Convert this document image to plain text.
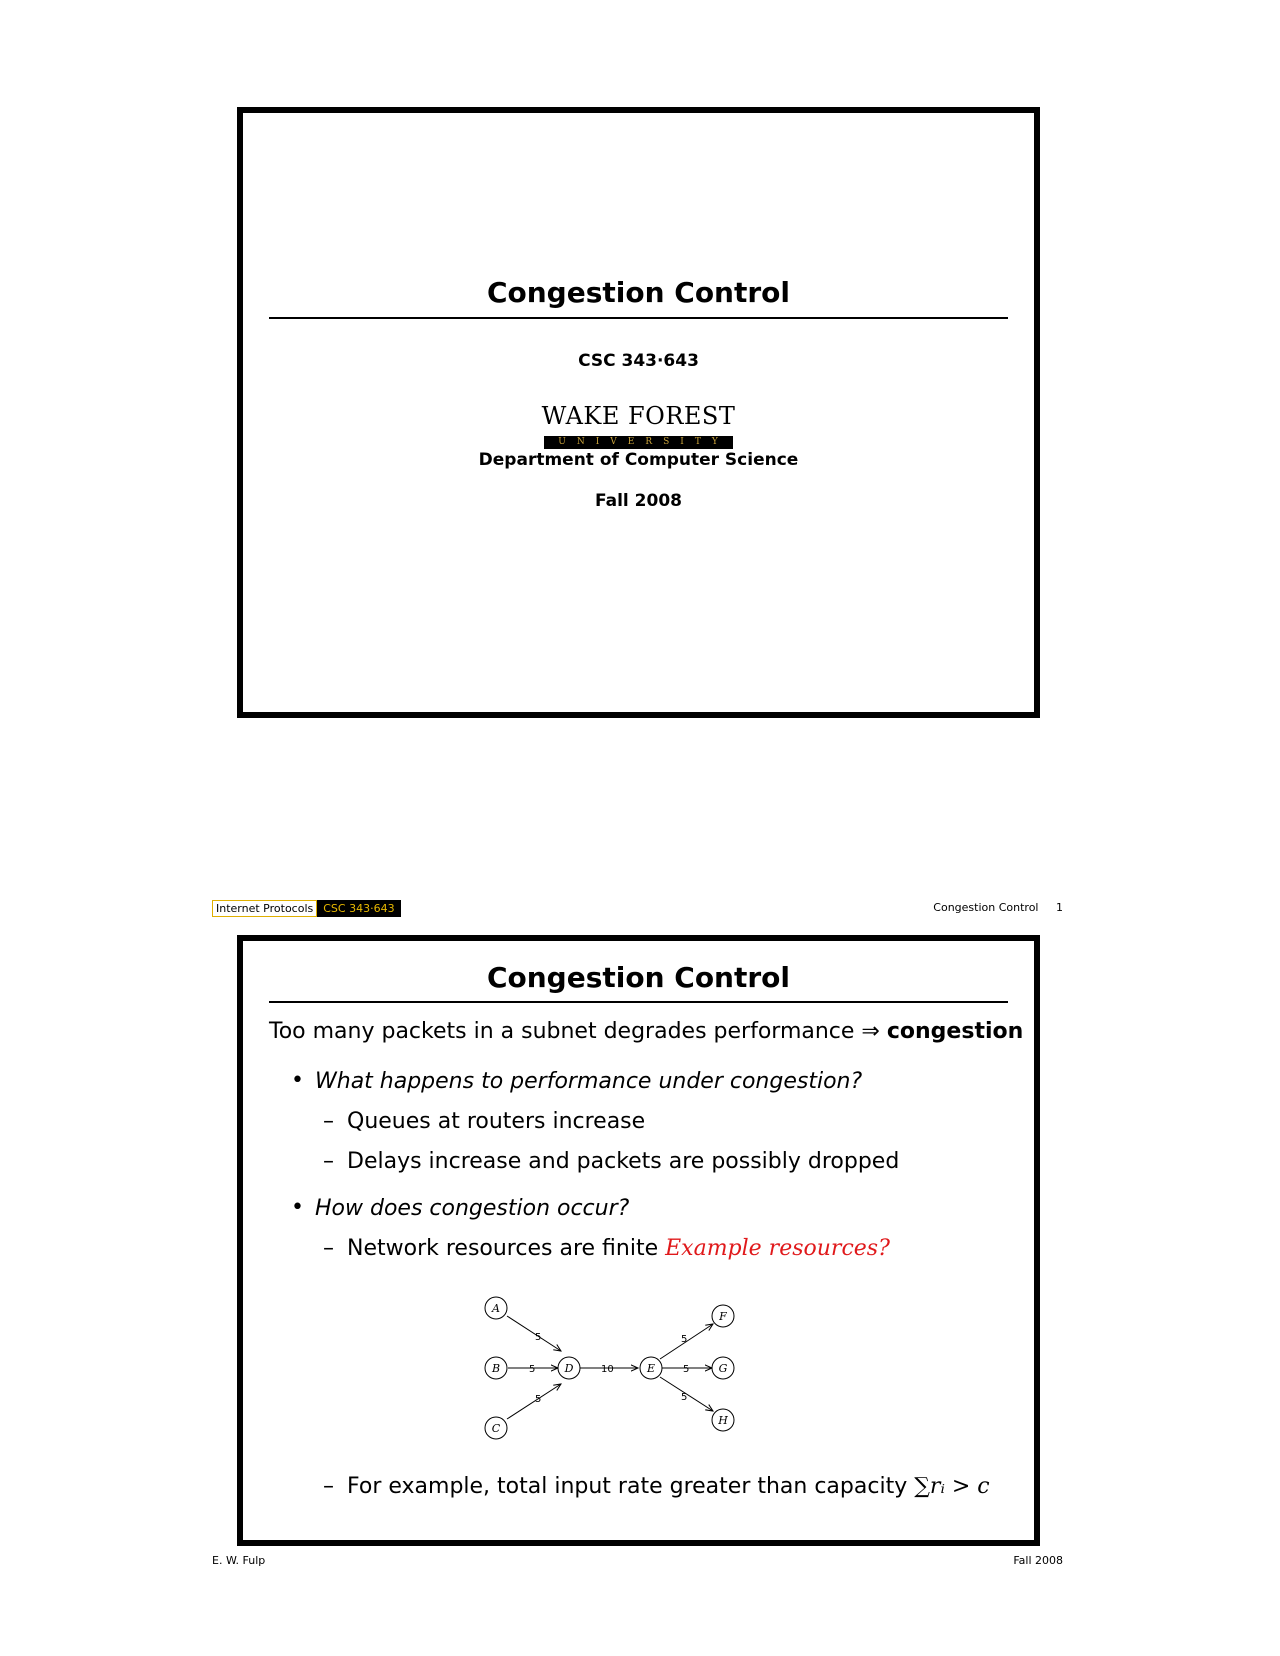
Congestion Control
CSC 343·643
WAKE FOREST
UNIVERSITY
Department of Computer Science
Fall 2008
Internet Protocols CSC 343·643	Congestion Control 1
Congestion Control
Too many packets in a subnet degrades performance ⇒ congestion
• What happens to performance under congestion?
– Queues at routers increase
– Delays increase and packets are possibly dropped
• How does congestion occur?
– Network resources are finite Example resources?
5
5
5
10
5
5
5
A
B
C
D	E
F
G
H
– For example, total input rate greater than capacity ∑rᵢ > c
E. W. Fulp	Fall 2008
